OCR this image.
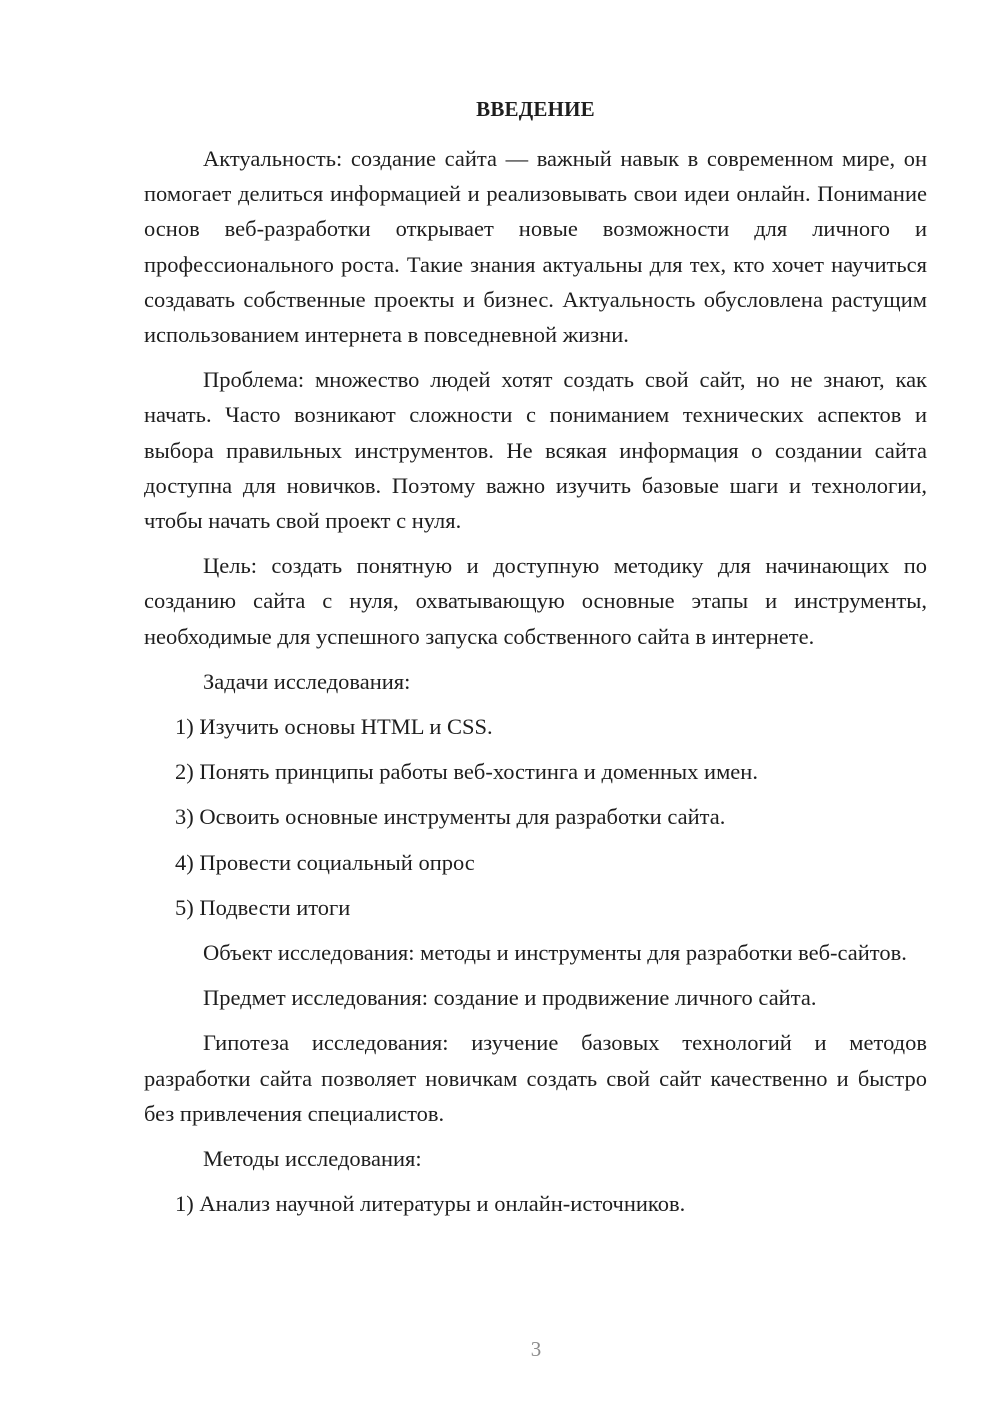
ВВЕДЕНИЕ

Актуальность: создание сайта — важный навык в современном мире, он помогает делиться информацией и реализовывать свои идеи онлайн. Понимание основ веб-разработки открывает новые возможности для личного и профессионального роста. Такие знания актуальны для тех, кто хочет научиться создавать собственные проекты и бизнес. Актуальность обусловлена растущим использованием интернета в повседневной жизни.

Проблема: множество людей хотят создать свой сайт, но не знают, как начать. Часто возникают сложности с пониманием технических аспектов и выбора правильных инструментов. Не всякая информация о создании сайта доступна для новичков. Поэтому важно изучить базовые шаги и технологии, чтобы начать свой проект с нуля.

Цель: создать понятную и доступную методику для начинающих по созданию сайта с нуля, охватывающую основные этапы и инструменты, необходимые для успешного запуска собственного сайта в интернете.

Задачи исследования:

1) Изучить основы HTML и CSS.

2) Понять принципы работы веб-хостинга и доменных имен.

3) Освоить основные инструменты для разработки сайта.

4) Провести социальный опрос

5) Подвести итоги

Объект исследования: методы и инструменты для разработки веб-сайтов.

Предмет исследования: создание и продвижение личного сайта.

Гипотеза исследования: изучение базовых технологий и методов разработки сайта позволяет новичкам создать свой сайт качественно и быстро без привлечения специалистов.

Методы исследования:

1) Анализ научной литературы и онлайн-источников.

3
